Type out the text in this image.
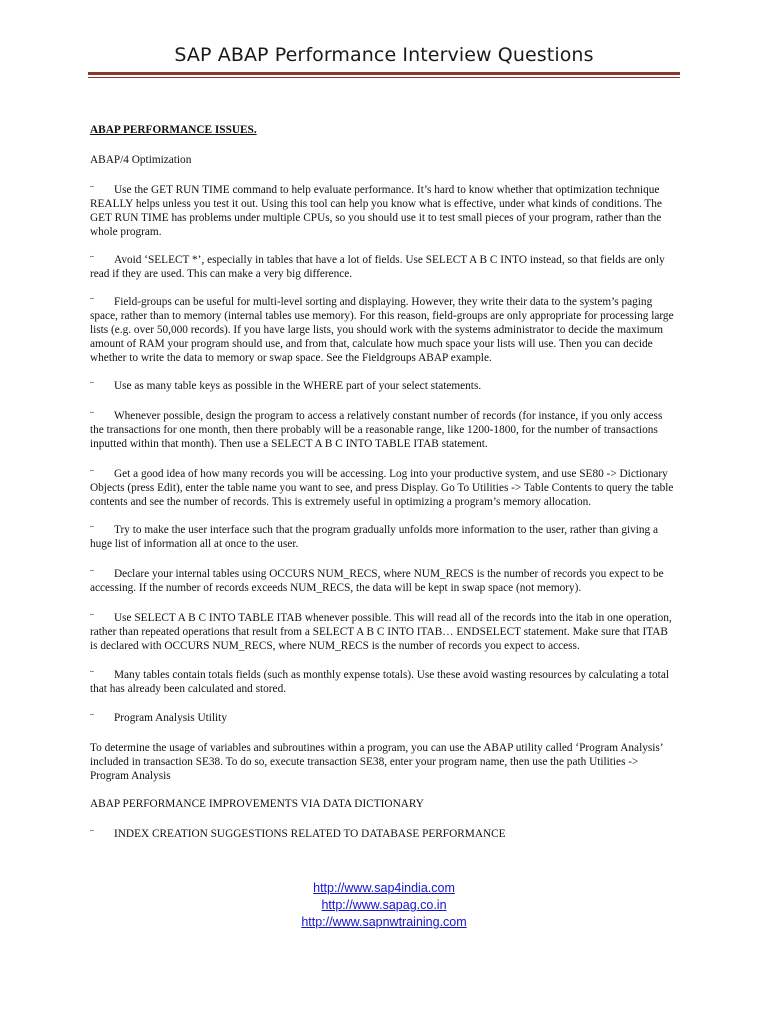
SAP ABAP Performance Interview Questions
ABAP PERFORMANCE ISSUES.
ABAP/4 Optimization
¨ Use the GET RUN TIME command to help evaluate performance. It’s hard to know whether that optimization technique REALLY helps unless you test it out. Using this tool can help you know what is effective, under what kinds of conditions. The GET RUN TIME has problems under multiple CPUs, so you should use it to test small pieces of your program, rather than the whole program.
¨ Avoid ‘SELECT *’, especially in tables that have a lot of fields. Use SELECT A B C INTO instead, so that fields are only read if they are used. This can make a very big difference.
¨ Field-groups can be useful for multi-level sorting and displaying. However, they write their data to the system’s paging space, rather than to memory (internal tables use memory). For this reason, field-groups are only appropriate for processing large lists (e.g. over 50,000 records). If you have large lists, you should work with the systems administrator to decide the maximum amount of RAM your program should use, and from that, calculate how much space your lists will use. Then you can decide whether to write the data to memory or swap space. See the Fieldgroups ABAP example.
¨ Use as many table keys as possible in the WHERE part of your select statements.
¨ Whenever possible, design the program to access a relatively constant number of records (for instance, if you only access the transactions for one month, then there probably will be a reasonable range, like 1200-1800, for the number of transactions inputted within that month). Then use a SELECT A B C INTO TABLE ITAB statement.
¨ Get a good idea of how many records you will be accessing. Log into your productive system, and use SE80 -> Dictionary Objects (press Edit), enter the table name you want to see, and press Display. Go To Utilities -> Table Contents to query the table contents and see the number of records. This is extremely useful in optimizing a program’s memory allocation.
¨ Try to make the user interface such that the program gradually unfolds more information to the user, rather than giving a huge list of information all at once to the user.
¨ Declare your internal tables using OCCURS NUM_RECS, where NUM_RECS is the number of records you expect to be accessing. If the number of records exceeds NUM_RECS, the data will be kept in swap space (not memory).
¨ Use SELECT A B C INTO TABLE ITAB whenever possible. This will read all of the records into the itab in one operation, rather than repeated operations that result from a SELECT A B C INTO ITAB… ENDSELECT statement. Make sure that ITAB is declared with OCCURS NUM_RECS, where NUM_RECS is the number of records you expect to access.
¨ Many tables contain totals fields (such as monthly expense totals). Use these avoid wasting resources by calculating a total that has already been calculated and stored.
¨ Program Analysis Utility
To determine the usage of variables and subroutines within a program, you can use the ABAP utility called ‘Program Analysis’ included in transaction SE38. To do so, execute transaction SE38, enter your program name, then use the path Utilities -> Program Analysis
ABAP PERFORMANCE IMPROVEMENTS VIA DATA DICTIONARY
¨ INDEX CREATION SUGGESTIONS RELATED TO DATABASE PERFORMANCE
http://www.sap4india.com
http://www.sapag.co.in
http://www.sapnwtraining.com
